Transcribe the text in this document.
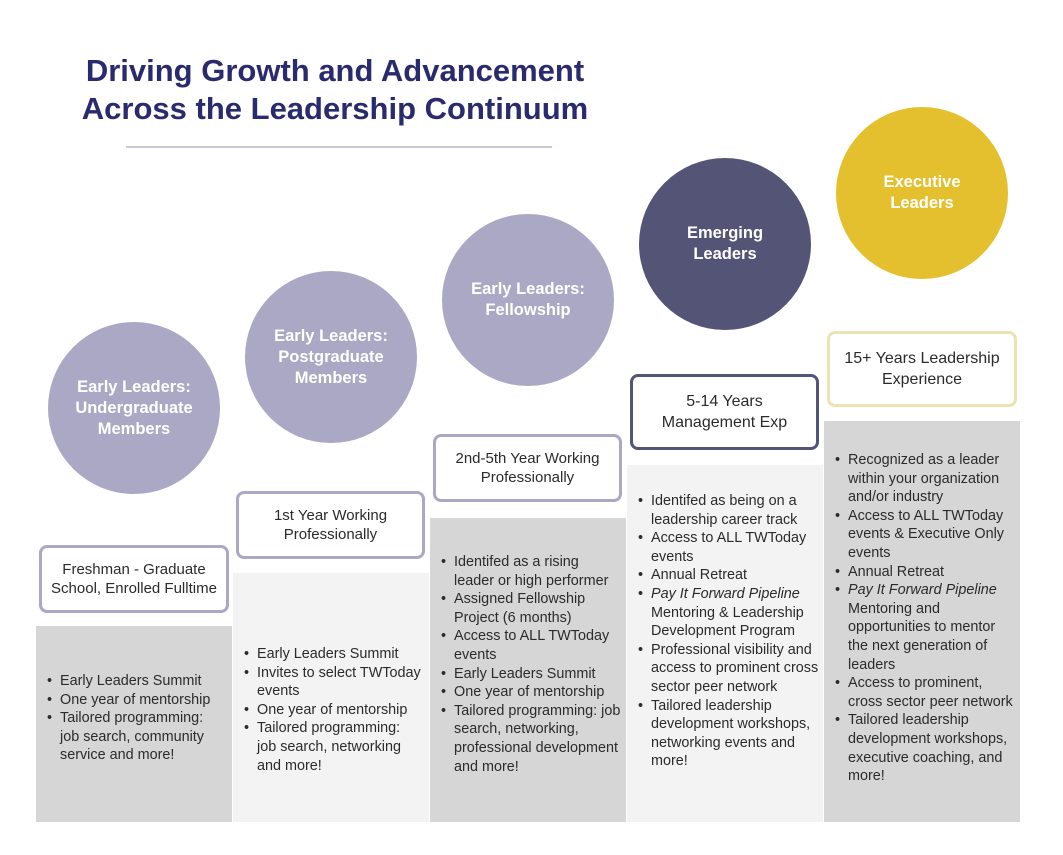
Driving Growth and Advancement
Across the Leadership Continuum
• Early Leaders Summit
• One year of mentorship
• Tailored programming: job search, community service and more!
• Early Leaders Summit
• Invites to select TWToday events
• One year of mentorship
• Tailored programming: job search, networking and more!
• Identifed as a rising leader or high performer
• Assigned Fellowship Project (6 months)
• Access to ALL TWToday events
• Early Leaders Summit
• One year of mentorship
• Tailored programming: job search, networking, professional development and more!
• Identifed as being on a leadership career track
• Access to ALL TWToday events
• Annual Retreat
• Pay It Forward Pipeline
Mentoring & Leadership Development Program
• Professional visibility and access to prominent cross sector peer network
• Tailored leadership development workshops, networking events and more!
• Recognized as a leader within your organization and/or industry
• Access to ALL TWToday events & Executive Only events
• Annual Retreat
• Pay It Forward Pipeline
Mentoring and opportunities to mentor the next generation of leaders
• Access to prominent, cross sector peer network
• Tailored leadership development workshops, executive coaching, and more!
Freshman - Graduate School, Enrolled Fulltime
1st Year Working Professionally
2nd-5th Year Working Professionally
5-14 Years Management Exp
15+ Years Leadership Experience
Early Leaders: Undergraduate Members
Early Leaders: Postgraduate Members
Early Leaders: Fellowship
Emerging Leaders
Executive Leaders
